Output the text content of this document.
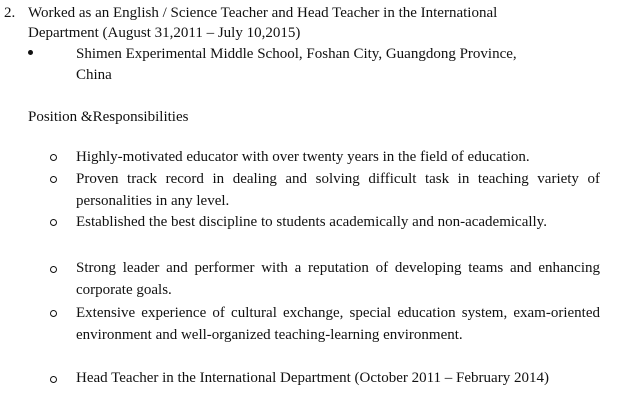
2. Worked as an English / Science Teacher and Head Teacher in the International
Department (August 31,2011 – July 10,2015)
Shimen Experimental Middle School, Foshan City, Guangdong Province,
China
Position &Responsibilities
Highly-motivated educator with over twenty years in the field of education.
Proven track record in dealing and solving difficult task in teaching variety of personalities in any level.
Established the best discipline to students academically and non-academically.
Strong leader and performer with a reputation of developing teams and enhancing corporate goals.
Extensive experience of cultural exchange, special education system, exam-oriented environment and well-organized teaching-learning environment.
Head Teacher in the International Department (October 2011 – February 2014)
